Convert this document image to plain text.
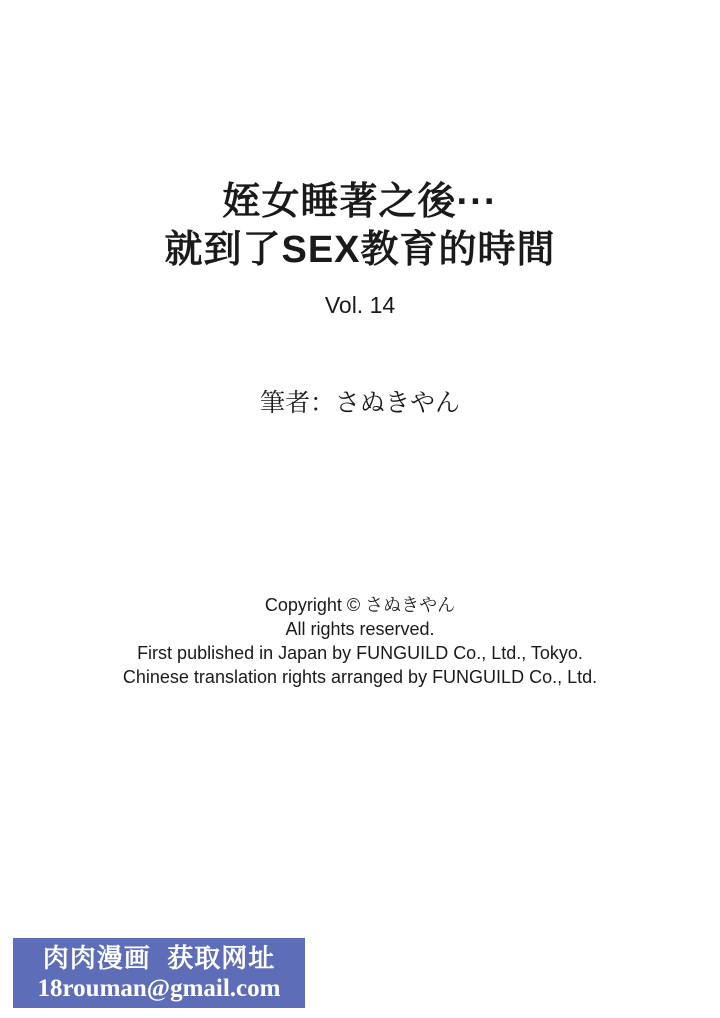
姪女睡著之後···
就到了SEX教育的時間
Vol. 14
筆者：さぬきやん
Copyright © さぬきやん
All rights reserved.
First published in Japan by FUNGUILD Co., Ltd., Tokyo.
Chinese translation rights arranged by FUNGUILD Co., Ltd.
肉肉漫画  获取网址
18rouman@gmail.com
